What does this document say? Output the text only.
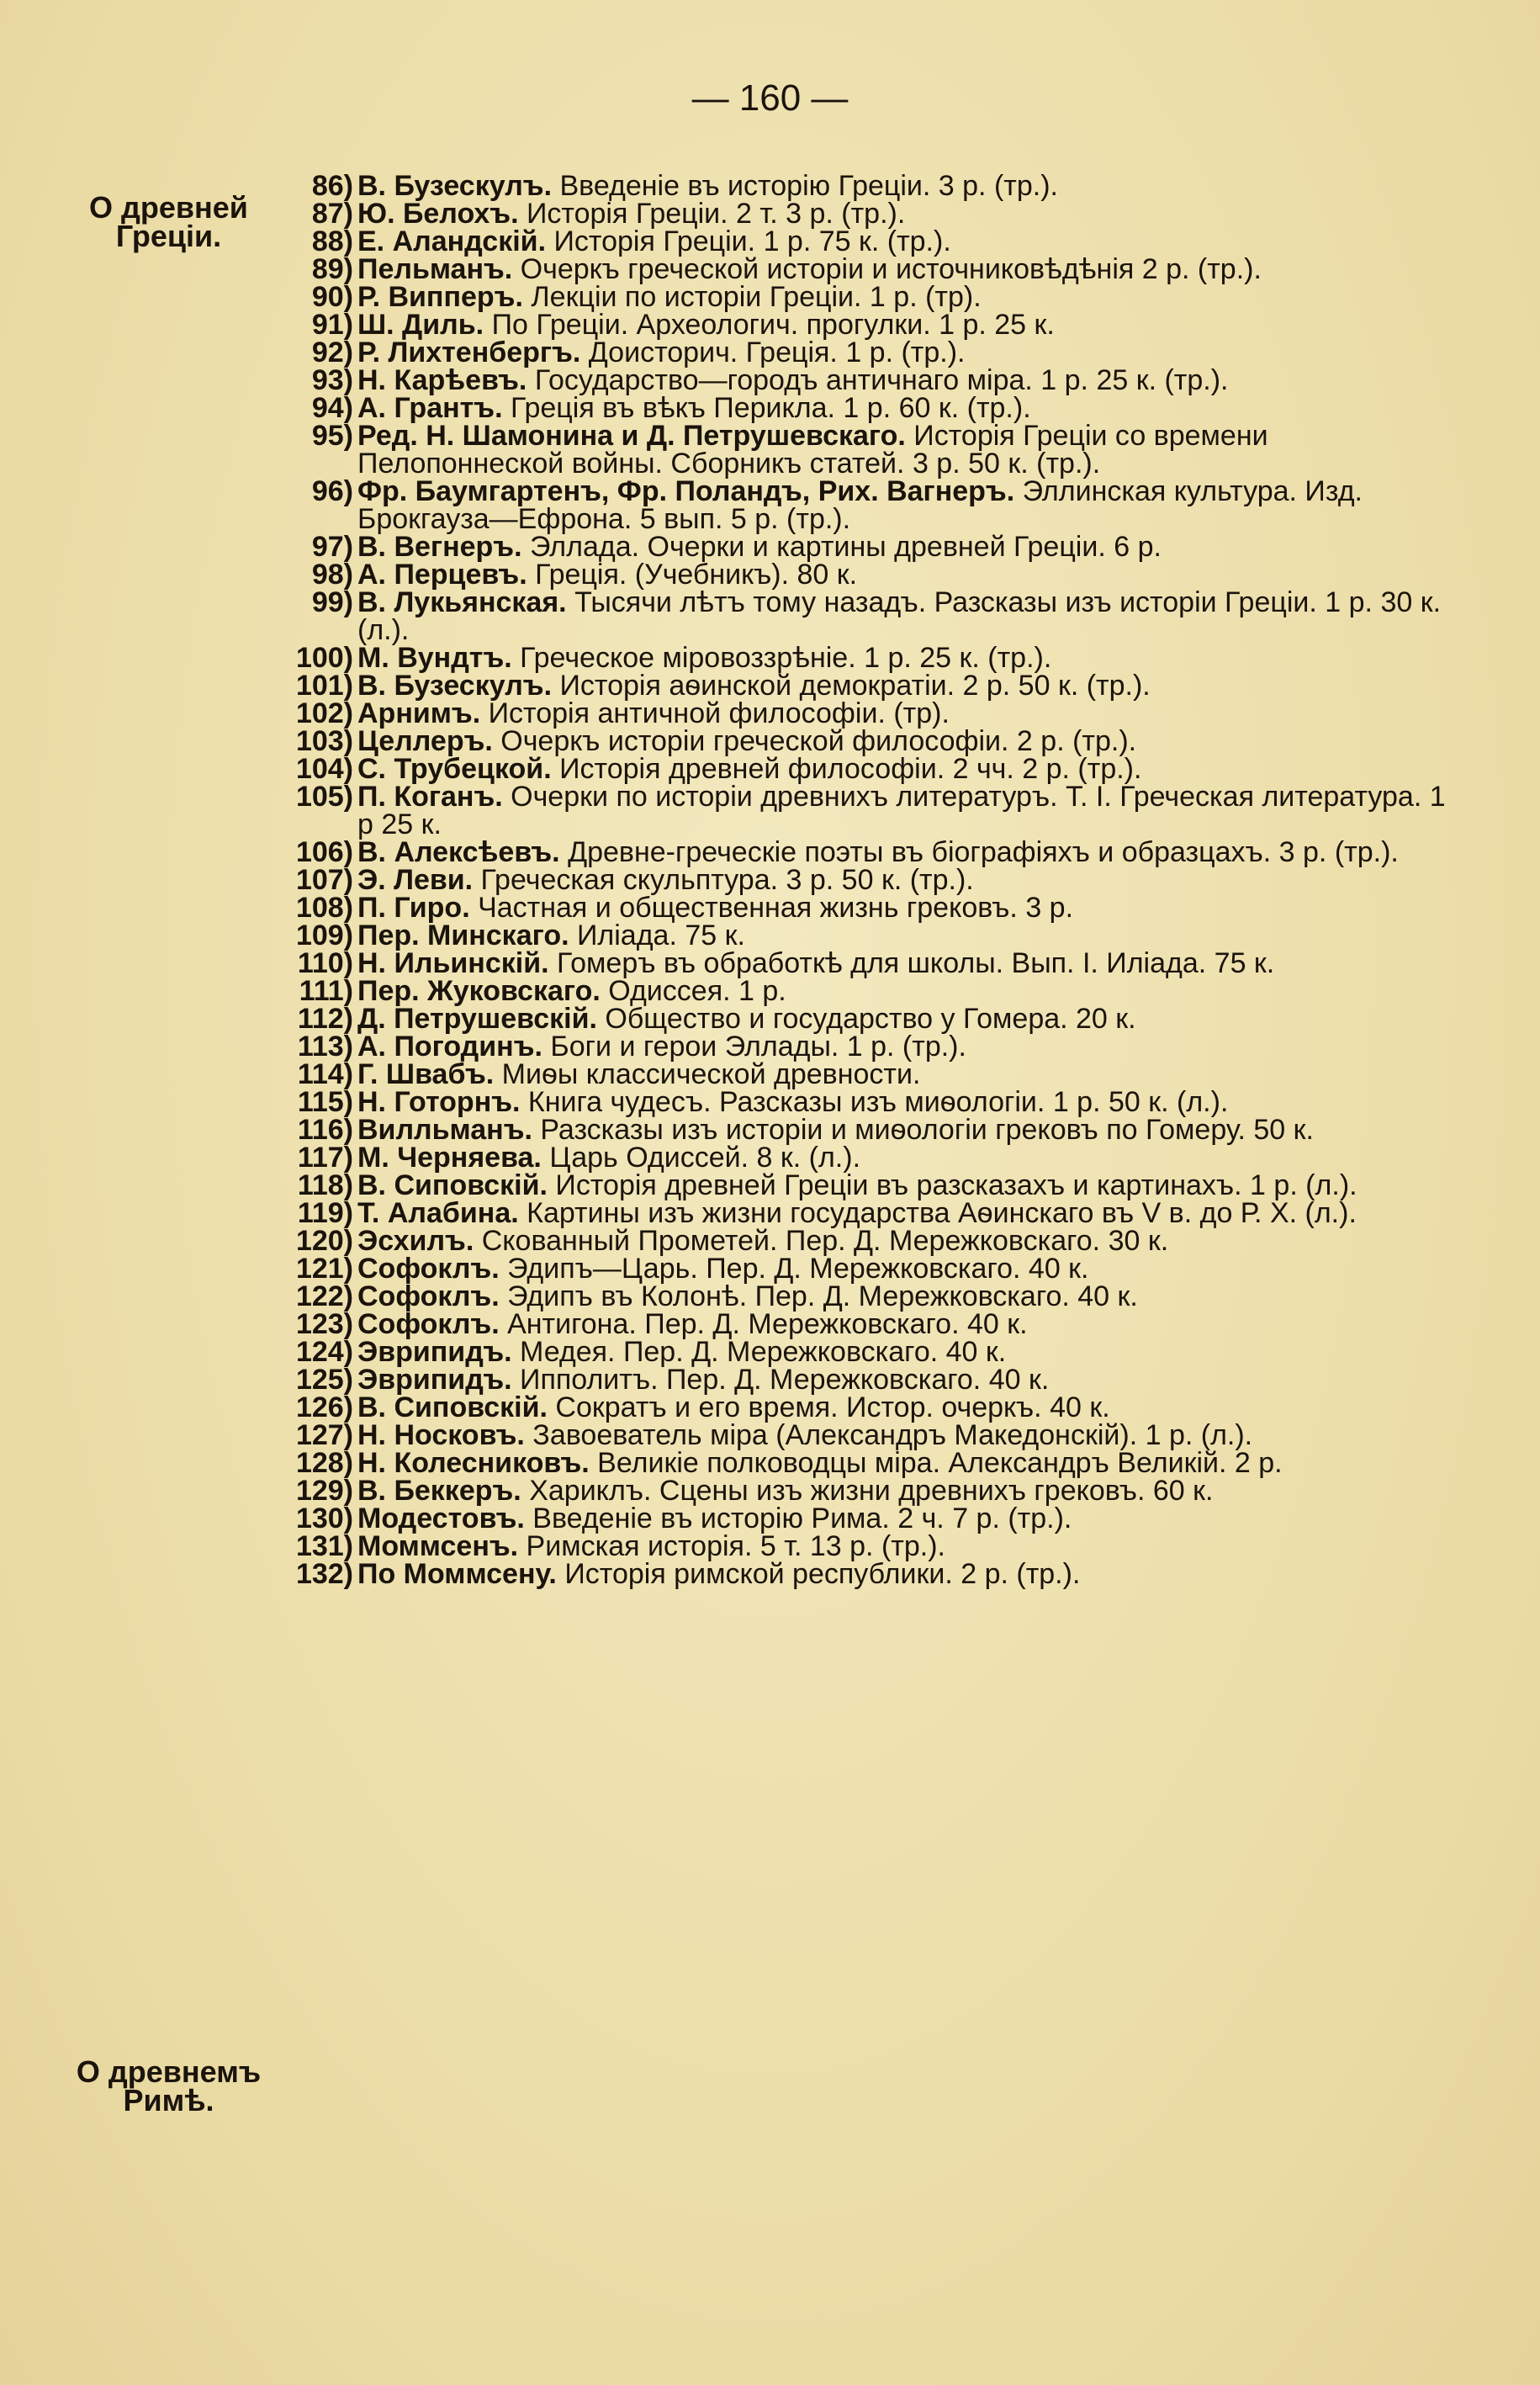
— 160 —
О древней Греціи.
О древнемъ Римѣ.

86) В. Бузескулъ. Введеніе въ исторію Греціи. 3 р. (тр.).

87) Ю. Белохъ. Исторія Греціи. 2 т. 3 р. (тр.).

88) Е. Аландскій. Исторія Греціи. 1 р. 75 к. (тр.).

89) Пельманъ. Очеркъ греческой исторіи и источниковѣдѣнія 2 р. (тр.).

90) Р. Випперъ. Лекціи по исторіи Греціи. 1 р. (тр).

91) Ш. Диль. По Греціи. Археологич. прогулки. 1 р. 25 к.

92) Р. Лихтенбергъ. Доисторич. Греція. 1 р. (тр.).

93) Н. Карѣевъ. Государство—городъ античнаго міра. 1 р. 25 к. (тр.).

94) А. Грантъ. Греція въ вѣкъ Перикла. 1 р. 60 к. (тр.).

95) Ред. Н. Шамонина и Д. Петрушевскаго. Исторія Греціи со времени Пелопоннеской войны. Сборникъ статей. 3 р. 50 к. (тр.).

96) Фр. Баумгартенъ, Фр. Поландъ, Рих. Вагнеръ. Эллинская культура. Изд. Брокгауза—Ефрона. 5 вып. 5 р. (тр.).

97) В. Вегнеръ. Эллада. Очерки и картины древней Греціи. 6 р.

98) А. Перцевъ. Греція. (Учебникъ). 80 к.

99) В. Лукьянская. Тысячи лѣтъ тому назадъ. Разсказы изъ исторіи Греціи. 1 р. 30 к. (л.).

100) М. Вундтъ. Греческое міровоззрѣніе. 1 р. 25 к. (тр.).

101) В. Бузескулъ. Исторія аѳинской демократіи. 2 р. 50 к. (тр.).

102) Арнимъ. Исторія античной философіи. (тр).

103) Целлеръ. Очеркъ исторіи греческой философіи. 2 р. (тр.).

104) С. Трубецкой. Исторія древней философіи. 2 чч. 2 р. (тр.).

105) П. Коганъ. Очерки по исторіи древнихъ литературъ. Т. I. Греческая литература. 1 р 25 к.

106) В. Алексѣевъ. Древне-греческіе поэты въ біографіяхъ и образцахъ. 3 р. (тр.).

107) Э. Леви. Греческая скульптура. 3 р. 50 к. (тр.).

108) П. Гиро. Частная и общественная жизнь грековъ. 3 р.

109) Пер. Минскаго. Иліада. 75 к.

110) Н. Ильинскій. Гомеръ въ обработкѣ для школы. Вып. I. Иліада. 75 к.

111) Пер. Жуковскаго. Одиссея. 1 р.

112) Д. Петрушевскій. Общество и государство у Гомера. 20 к.

113) А. Погодинъ. Боги и герои Эллады. 1 р. (тр.).

114) Г. Швабъ. Миѳы классической древности.

115) Н. Готорнъ. Книга чудесъ. Разсказы изъ миѳологіи. 1 р. 50 к. (л.).

116) Вилльманъ. Разсказы изъ исторіи и миѳологіи грековъ по Гомеру. 50 к.

117) М. Черняева. Царь Одиссей. 8 к. (л.).

118) В. Сиповскій. Исторія древней Греціи въ разсказахъ и картинахъ. 1 р. (л.).

119) Т. Алабина. Картины изъ жизни государства Аѳинскаго въ V в. до Р. Х. (л.).

120) Эсхилъ. Скованный Прометей. Пер. Д. Мережковскаго. 30 к.

121) Софоклъ. Эдипъ—Царь. Пер. Д. Мережковскаго. 40 к.

122) Софоклъ. Эдипъ въ Колонѣ. Пер. Д. Мережковскаго. 40 к.

123) Софоклъ. Антигона. Пер. Д. Мережковскаго. 40 к.

124) Эврипидъ. Медея. Пер. Д. Мережковскаго. 40 к.

125) Эврипидъ. Ипполитъ. Пер. Д. Мережковскаго. 40 к.

126) В. Сиповскій. Сократъ и его время. Истор. очеркъ. 40 к.

127) Н. Носковъ. Завоеватель міра (Александръ Македонскій). 1 р. (л.).

128) Н. Колесниковъ. Великіе полководцы міра. Александръ Великій. 2 р.

129) В. Беккеръ. Хариклъ. Сцены изъ жизни древнихъ грековъ. 60 к.

130) Модестовъ. Введеніе въ исторію Рима. 2 ч. 7 р. (тр.).

131) Моммсенъ. Римская исторія. 5 т. 13 р. (тр.).

132) По Моммсену. Исторія римской республики. 2 р. (тр.).
